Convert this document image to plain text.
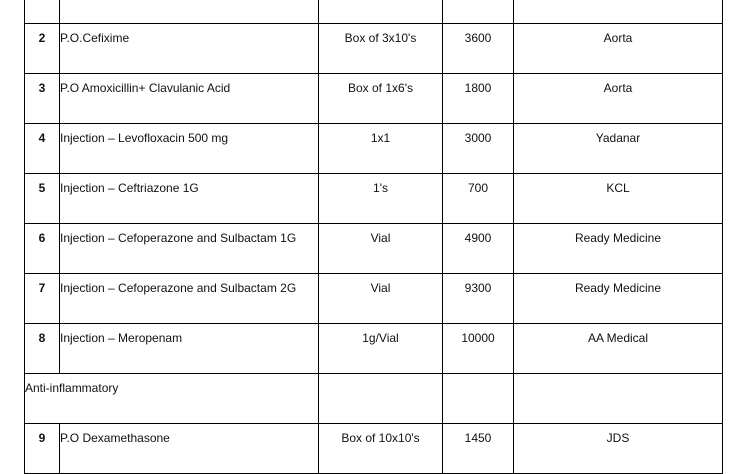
2	P.O.Cefixime	Box of 3x10's	3600	Aorta
3	P.O Amoxicillin+ Clavulanic Acid	Box of 1x6's	1800	Aorta
4	Injection – Levofloxacin 500 mg	1x1	3000	Yadanar
5	Injection – Ceftriazone 1G	1's	700	KCL
6	Injection – Cefoperazone and Sulbactam 1G	Vial	4900	Ready Medicine
7	Injection – Cefoperazone and Sulbactam 2G	Vial	9300	Ready Medicine
8	Injection – Meropenam	1g/Vial	10000	AA Medical
Anti-inflammatory				
9	P.O Dexamethasone	Box of 10x10's	1450	JDS
